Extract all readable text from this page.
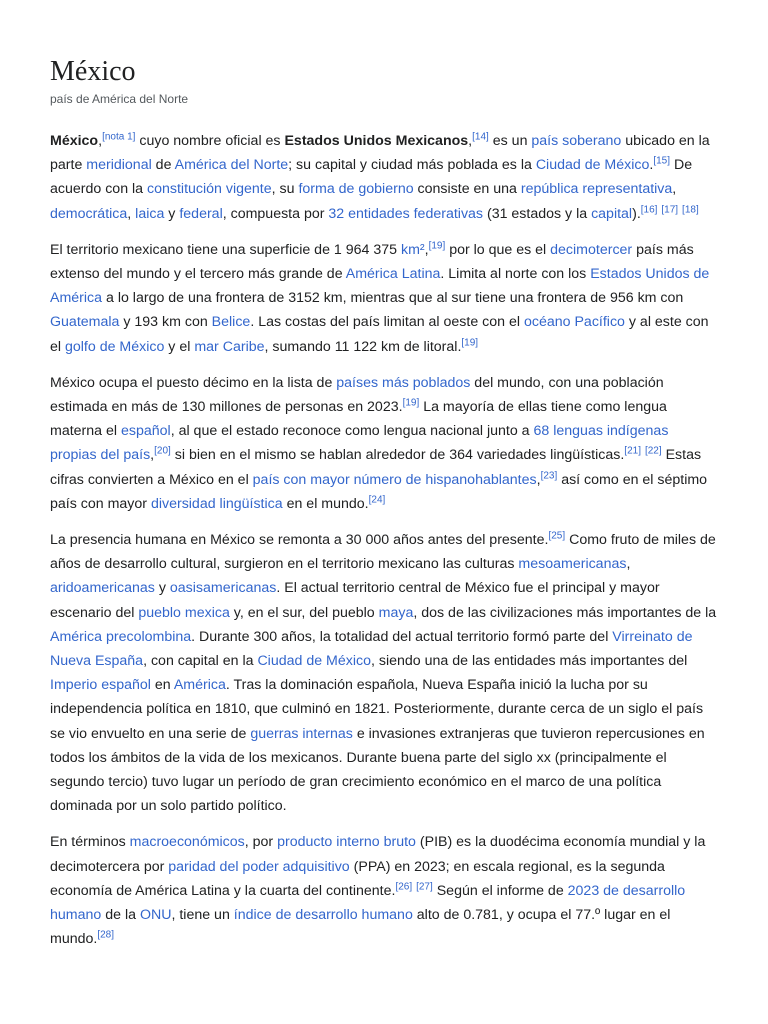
México
país de América del Norte

México,[nota 1] cuyo nombre oficial es Estados Unidos Mexicanos,[14] es un país soberano ubicado en la parte meridional de América del Norte; su capital y ciudad más poblada es la Ciudad de México.[15] De acuerdo con la constitución vigente, su forma de gobierno consiste en una república representativa, democrática, laica y federal, compuesta por 32 entidades federativas (31 estados y la capital).[16] [17] [18]

El territorio mexicano tiene una superficie de 1 964 375 km²,[19] por lo que es el decimotercer país más extenso del mundo y el tercero más grande de América Latina. Limita al norte con los Estados Unidos de América a lo largo de una frontera de 3152 km, mientras que al sur tiene una frontera de 956 km con Guatemala y 193 km con Belice. Las costas del país limitan al oeste con el océano Pacífico y al este con el golfo de México y el mar Caribe, sumando 11 122 km de litoral.[19]

México ocupa el puesto décimo en la lista de países más poblados del mundo, con una población estimada en más de 130 millones de personas en 2023.[19] La mayoría de ellas tiene como lengua materna el español, al que el estado reconoce como lengua nacional junto a 68 lenguas indígenas propias del país,[20] si bien en el mismo se hablan alrededor de 364 variedades lingüísticas.[21] [22] Estas cifras convierten a México en el país con mayor número de hispanohablantes,[23] así como en el séptimo país con mayor diversidad lingüística en el mundo.[24]

La presencia humana en México se remonta a 30 000 años antes del presente.[25] Como fruto de miles de años de desarrollo cultural, surgieron en el territorio mexicano las culturas mesoamericanas, aridoamericanas y oasisamericanas. El actual territorio central de México fue el principal y mayor escenario del pueblo mexica y, en el sur, del pueblo maya, dos de las civilizaciones más importantes de la América precolombina. Durante 300 años, la totalidad del actual territorio formó parte del Virreinato de Nueva España, con capital en la Ciudad de México, siendo una de las entidades más importantes del Imperio español en América. Tras la dominación española, Nueva España inició la lucha por su independencia política en 1810, que culminó en 1821. Posteriormente, durante cerca de un siglo el país se vio envuelto en una serie de guerras internas e invasiones extranjeras que tuvieron repercusiones en todos los ámbitos de la vida de los mexicanos. Durante buena parte del siglo xx (principalmente el segundo tercio) tuvo lugar un período de gran crecimiento económico en el marco de una política dominada por un solo partido político.

En términos macroeconómicos, por producto interno bruto (PIB) es la duodécima economía mundial y la decimotercera por paridad del poder adquisitivo (PPA) en 2023; en escala regional, es la segunda economía de América Latina y la cuarta del continente.[26] [27] Según el informe de 2023 de desarrollo humano de la ONU, tiene un índice de desarrollo humano alto de 0.781, y ocupa el 77.º lugar en el mundo.[28]
